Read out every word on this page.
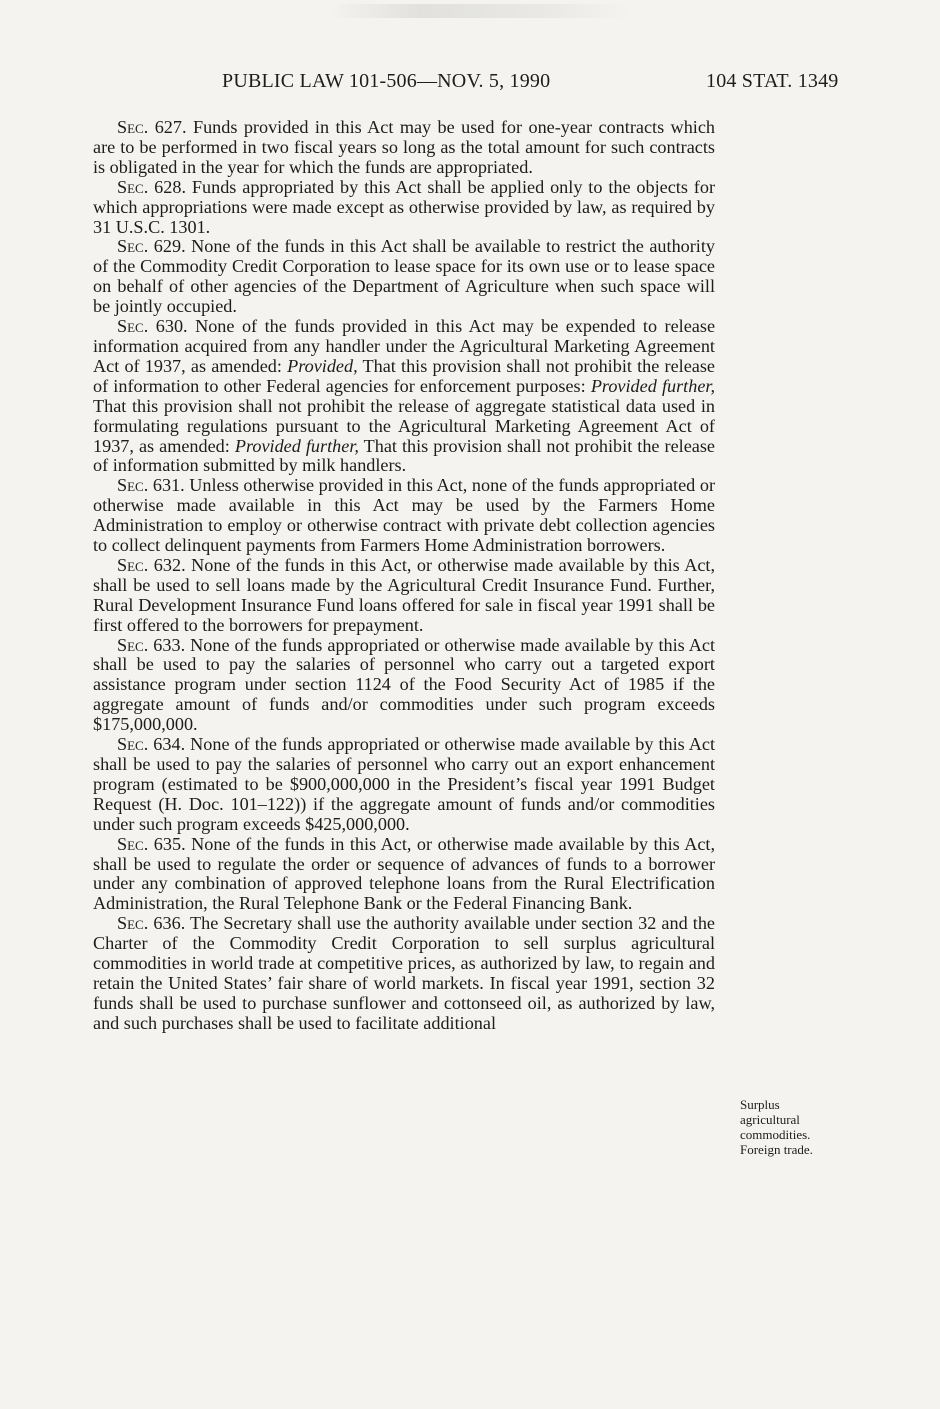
PUBLIC LAW 101-506—NOV. 5, 1990	104 STAT. 1349

Sec. 627. Funds provided in this Act may be used for one-year contracts which are to be performed in two fiscal years so long as the total amount for such contracts is obligated in the year for which the funds are appropriated.

Sec. 628. Funds appropriated by this Act shall be applied only to the objects for which appropriations were made except as otherwise provided by law, as required by 31 U.S.C. 1301.

Sec. 629. None of the funds in this Act shall be available to restrict the authority of the Commodity Credit Corporation to lease space for its own use or to lease space on behalf of other agencies of the Department of Agriculture when such space will be jointly occupied.

Sec. 630. None of the funds provided in this Act may be expended to release information acquired from any handler under the Agricultural Marketing Agreement Act of 1937, as amended: Provided, That this provision shall not prohibit the release of information to other Federal agencies for enforcement purposes: Provided further, That this provision shall not prohibit the release of aggregate statistical data used in formulating regulations pursuant to the Agricultural Marketing Agreement Act of 1937, as amended: Provided further, That this provision shall not prohibit the release of information submitted by milk handlers.

Sec. 631. Unless otherwise provided in this Act, none of the funds appropriated or otherwise made available in this Act may be used by the Farmers Home Administration to employ or otherwise contract with private debt collection agencies to collect delinquent payments from Farmers Home Administration borrowers.

Sec. 632. None of the funds in this Act, or otherwise made available by this Act, shall be used to sell loans made by the Agricultural Credit Insurance Fund. Further, Rural Development Insurance Fund loans offered for sale in fiscal year 1991 shall be first offered to the borrowers for prepayment.

Sec. 633. None of the funds appropriated or otherwise made available by this Act shall be used to pay the salaries of personnel who carry out a targeted export assistance program under section 1124 of the Food Security Act of 1985 if the aggregate amount of funds and/or commodities under such program exceeds $175,000,000.

Sec. 634. None of the funds appropriated or otherwise made available by this Act shall be used to pay the salaries of personnel who carry out an export enhancement program (estimated to be $900,000,000 in the President’s fiscal year 1991 Budget Request (H. Doc. 101–122)) if the aggregate amount of funds and/or commodities under such program exceeds $425,000,000.

Sec. 635. None of the funds in this Act, or otherwise made available by this Act, shall be used to regulate the order or sequence of advances of funds to a borrower under any combination of approved telephone loans from the Rural Electrification Administration, the Rural Telephone Bank or the Federal Financing Bank.

Sec. 636. The Secretary shall use the authority available under section 32 and the Charter of the Commodity Credit Corporation to sell surplus agricultural commodities in world trade at competitive prices, as authorized by law, to regain and retain the United States’ fair share of world markets. In fiscal year 1991, section 32 funds shall be used to purchase sunflower and cottonseed oil, as authorized by law, and such purchases shall be used to facilitate additional

Surplus
agricultural
commodities.
Foreign trade.
